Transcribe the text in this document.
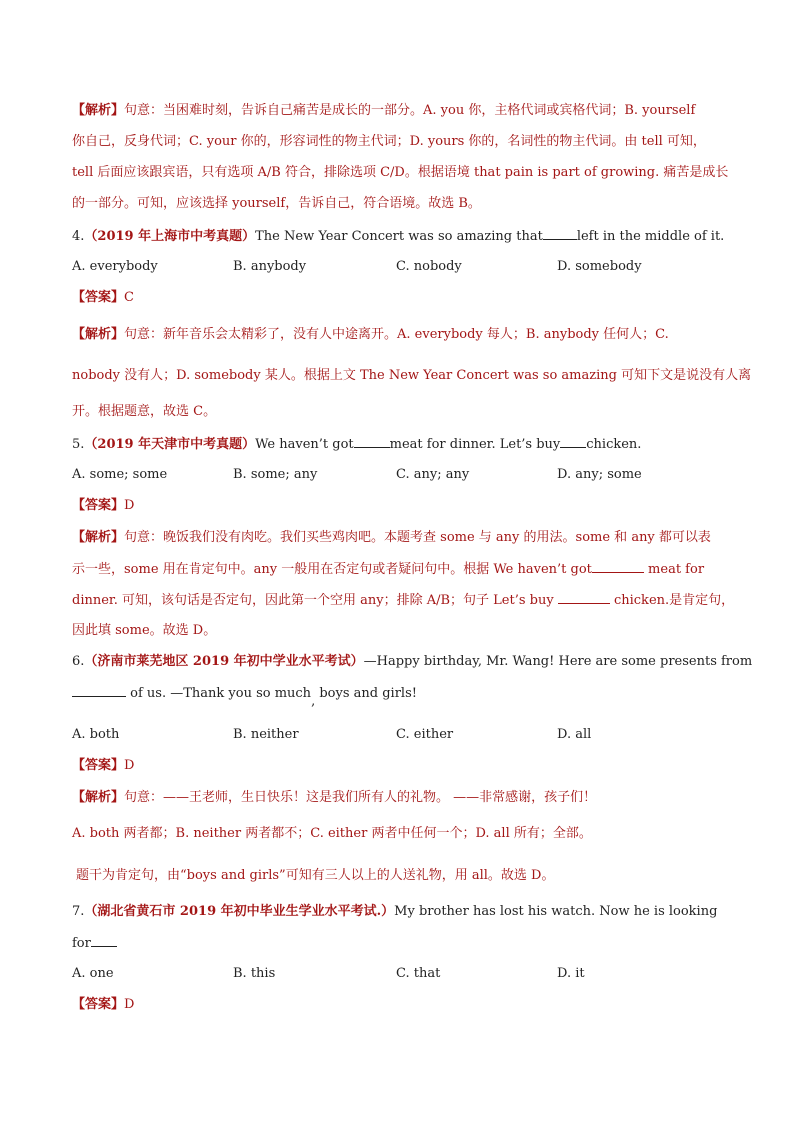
【解析】句意：当困难时刻，告诉自己痛苦是成长的一部分。A. you 你，主格代词或宾格代词；B. yourself
你自己，反身代词；C. your 你的，形容词性的物主代词；D. yours 你的，名词性的物主代词。由 tell 可知，
tell 后面应该跟宾语，只有选项 A/B 符合，排除选项 C/D。根据语境 that pain is part of growing. 痛苦是成长
的一部分。可知，应该选择 yourself，告诉自己，符合语境。故选 B。
4.（2019 年上海市中考真题）The New Year Concert was so amazing that	left in the middle of it.
A. everybody	B. anybody	C. nobody	D. somebody
【答案】C
【解析】句意：新年音乐会太精彩了，没有人中途离开。A. everybody 每人；B. anybody 任何人；C.
nobody 没有人；D. somebody 某人。根据上文 The New Year Concert was so amazing 可知下文是说没有人离
开。根据题意，故选 C。
5.（2019 年天津市中考真题）We haven’t got	meat for dinner. Let’s buy chicken.
A. some; some	B. some; any	C. any; any	D. any; some
【答案】D
【解析】句意：晚饭我们没有肉吃。我们买些鸡肉吧。本题考查 some 与 any 的用法。some 和 any 都可以表
示一些，some 用在肯定句中。any 一般用在否定句或者疑问句中。根据 We haven’t got	meat for
dinner. 可知，该句话是否定句，因此第一个空用 any；排除 A/B；句子 Let’s buy	chicken.是肯定句，
因此填 some。故选 D。
6.（济南市莱芜地区 2019 年初中学业水平考试）—Happy birthday, Mr. Wang! Here are some presents from
of us. —Thank you so much, boys and girls!
A. both	B. neither	C. either	D. all
【答案】D
【解析】句意：——王老师，生日快乐！这是我们所有人的礼物。 ——非常感谢，孩子们！
A. both 两者都；B. neither 两者都不；C. either 两者中任何一个；D. all 所有；全部。
题干为肯定句，由“boys and girls”可知有三人以上的人送礼物，用 all。故选 D。
7.（湖北省黄石市 2019 年初中毕业生学业水平考试.）My brother has lost his watch. Now he is looking
for
A. one	B. this	C. that	D. it
【答案】D
